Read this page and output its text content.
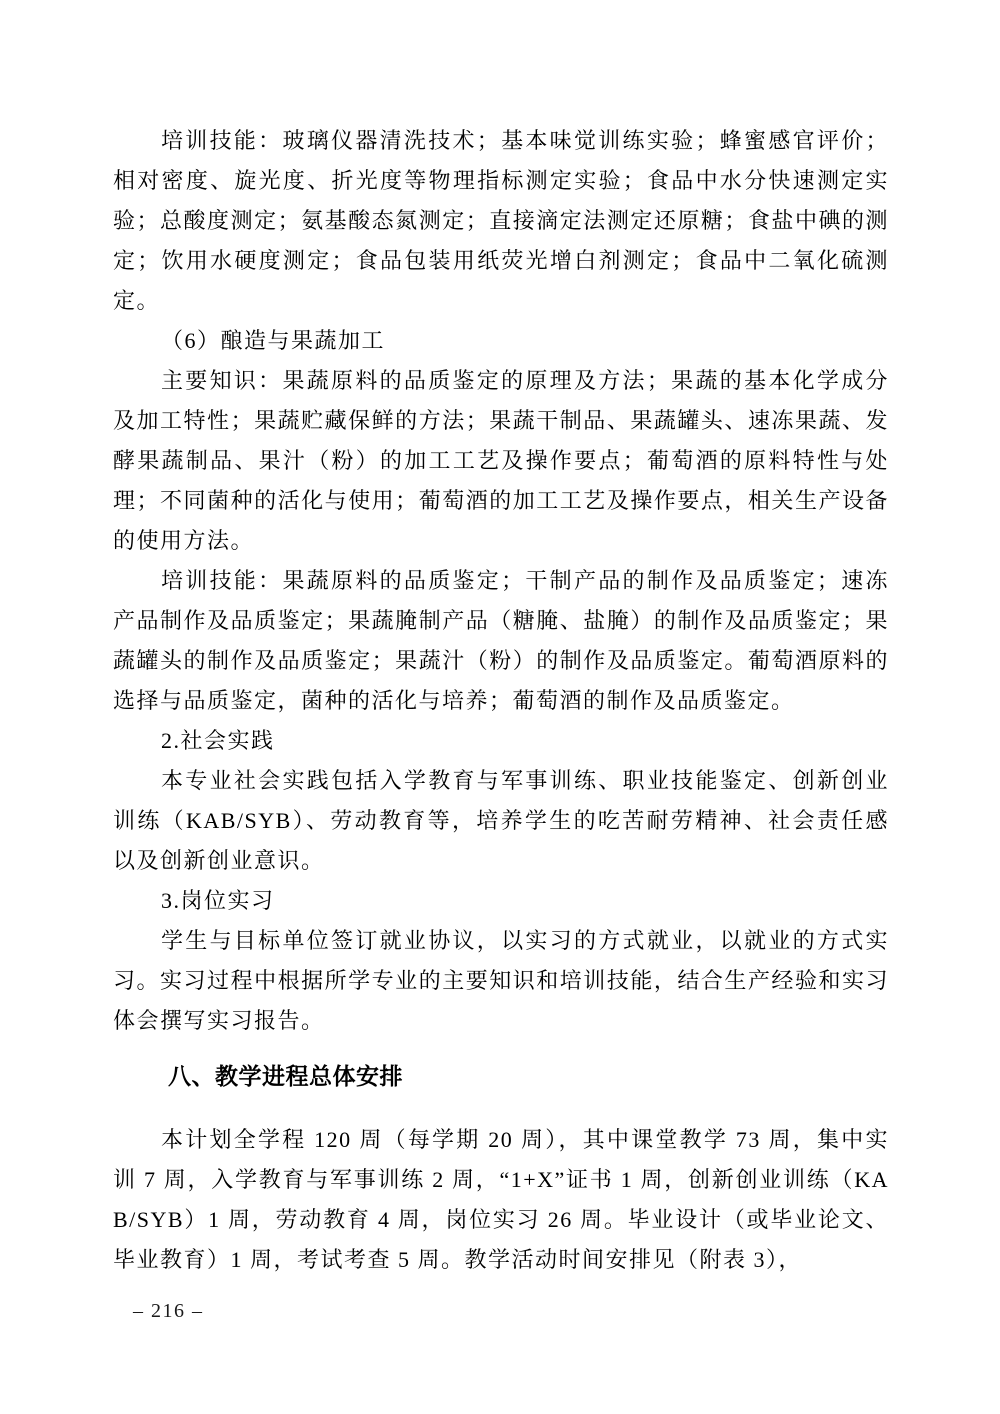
培训技能：玻璃仪器清洗技术；基本味觉训练实验；蜂蜜感官评价；相对密度、旋光度、折光度等物理指标测定实验；食品中水分快速测定实验；总酸度测定；氨基酸态氮测定；直接滴定法测定还原糖；食盐中碘的测定；饮用水硬度测定；食品包装用纸荧光增白剂测定；食品中二氧化硫测定。

（6）酿造与果蔬加工

主要知识：果蔬原料的品质鉴定的原理及方法；果蔬的基本化学成分及加工特性；果蔬贮藏保鲜的方法；果蔬干制品、果蔬罐头、速冻果蔬、发酵果蔬制品、果汁（粉）的加工工艺及操作要点；葡萄酒的原料特性与处理；不同菌种的活化与使用；葡萄酒的加工工艺及操作要点，相关生产设备的使用方法。

培训技能：果蔬原料的品质鉴定；干制产品的制作及品质鉴定；速冻产品制作及品质鉴定；果蔬腌制产品（糖腌、盐腌）的制作及品质鉴定；果蔬罐头的制作及品质鉴定；果蔬汁（粉）的制作及品质鉴定。葡萄酒原料的选择与品质鉴定，菌种的活化与培养；葡萄酒的制作及品质鉴定。

2.社会实践

本专业社会实践包括入学教育与军事训练、职业技能鉴定、创新创业训练（KAB/SYB）、劳动教育等，培养学生的吃苦耐劳精神、社会责任感以及创新创业意识。

3.岗位实习

学生与目标单位签订就业协议，以实习的方式就业，以就业的方式实习。实习过程中根据所学专业的主要知识和培训技能，结合生产经验和实习体会撰写实习报告。

八、教学进程总体安排

本计划全学程 120 周（每学期 20 周），其中课堂教学 73 周，集中实训 7 周，入学教育与军事训练 2 周，“1+X”证书 1 周，创新创业训练（KAB/SYB）1 周，劳动教育 4 周，岗位实习 26 周。毕业设计（或毕业论文、毕业教育）1 周，考试考查 5 周。教学活动时间安排见（附表 3），

– 216 –
